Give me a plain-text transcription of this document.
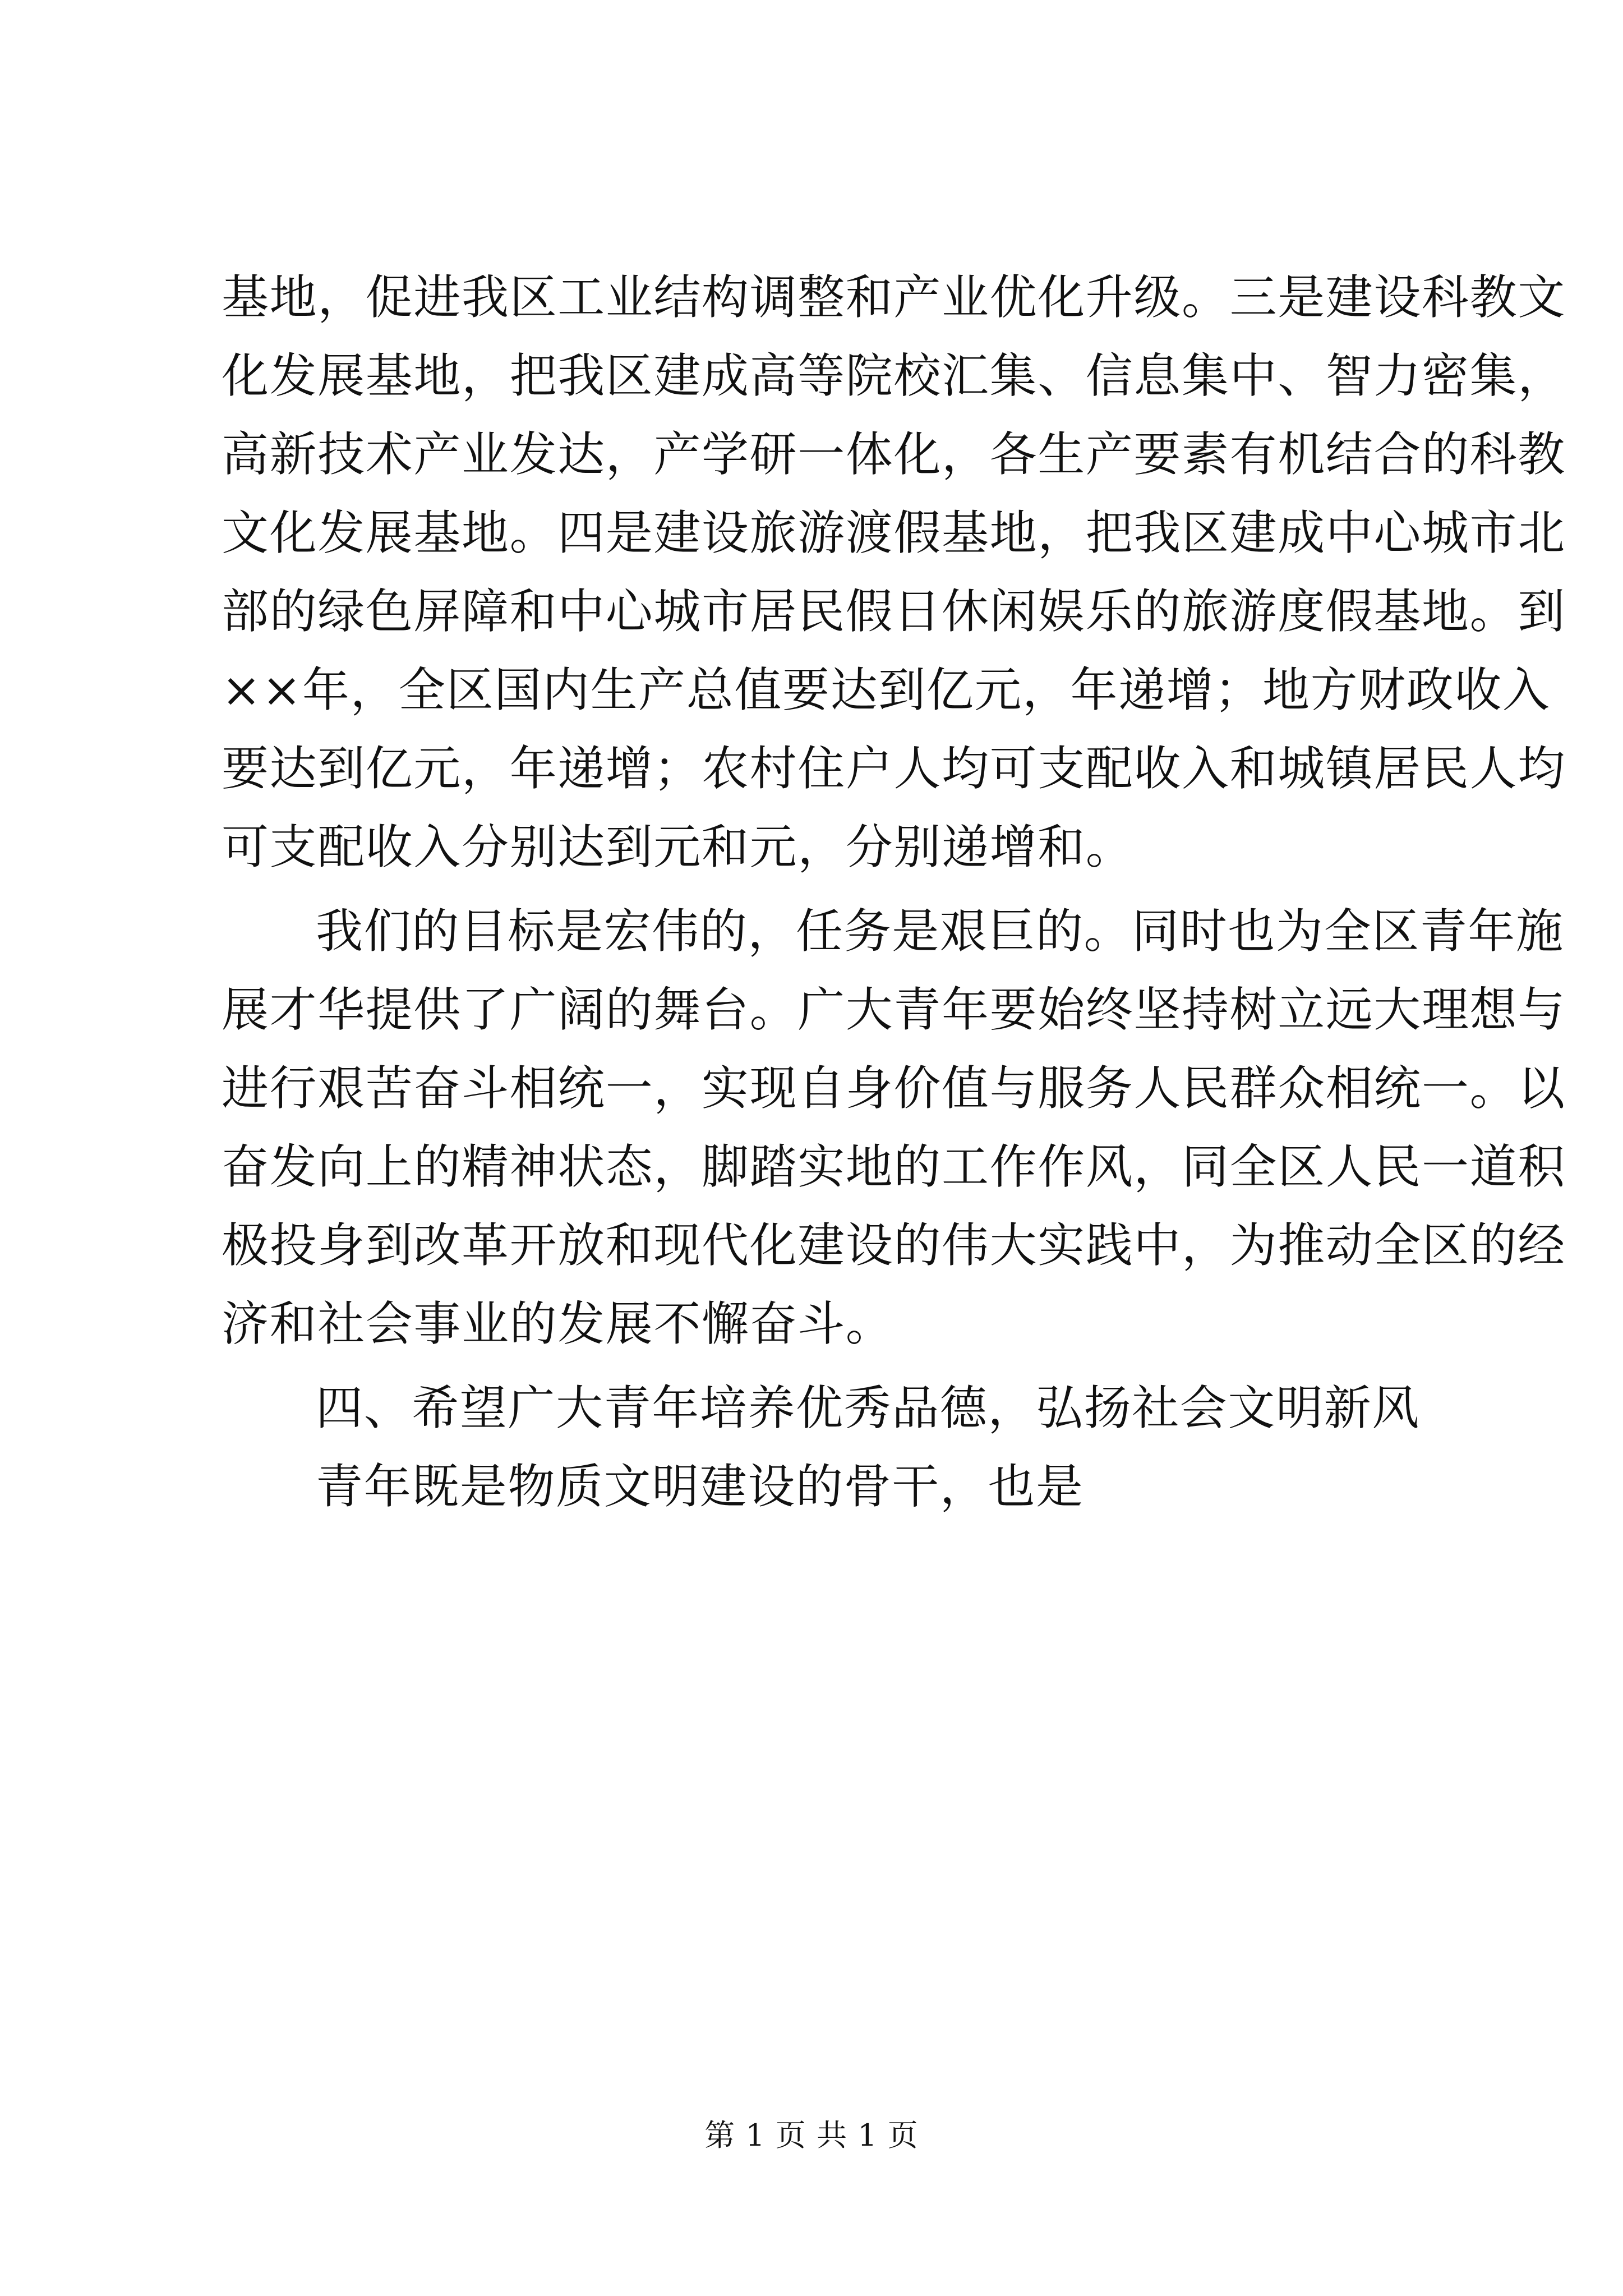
基地，促进我区工业结构调整和产业优化升级。三是建设科教文
化发展基地，把我区建成高等院校汇集、信息集中、智力密集，
高新技术产业发达，产学研一体化，各生产要素有机结合的科教
文化发展基地。四是建设旅游渡假基地，把我区建成中心城市北
部的绿色屏障和中心城市居民假日休闲娱乐的旅游度假基地。到
××年，全区国内生产总值要达到亿元，年递增；地方财政收入
要达到亿元，年递增；农村住户人均可支配收入和城镇居民人均
可支配收入分别达到元和元，分别递增和。
我们的目标是宏伟的，任务是艰巨的。同时也为全区青年施
展才华提供了广阔的舞台。广大青年要始终坚持树立远大理想与
进行艰苦奋斗相统一，实现自身价值与服务人民群众相统一。以
奋发向上的精神状态，脚踏实地的工作作风，同全区人民一道积
极投身到改革开放和现代化建设的伟大实践中，为推动全区的经
济和社会事业的发展不懈奋斗。
四、希望广大青年培养优秀品德，弘扬社会文明新风
青年既是物质文明建设的骨干，也是
第 1 页 共 1 页
